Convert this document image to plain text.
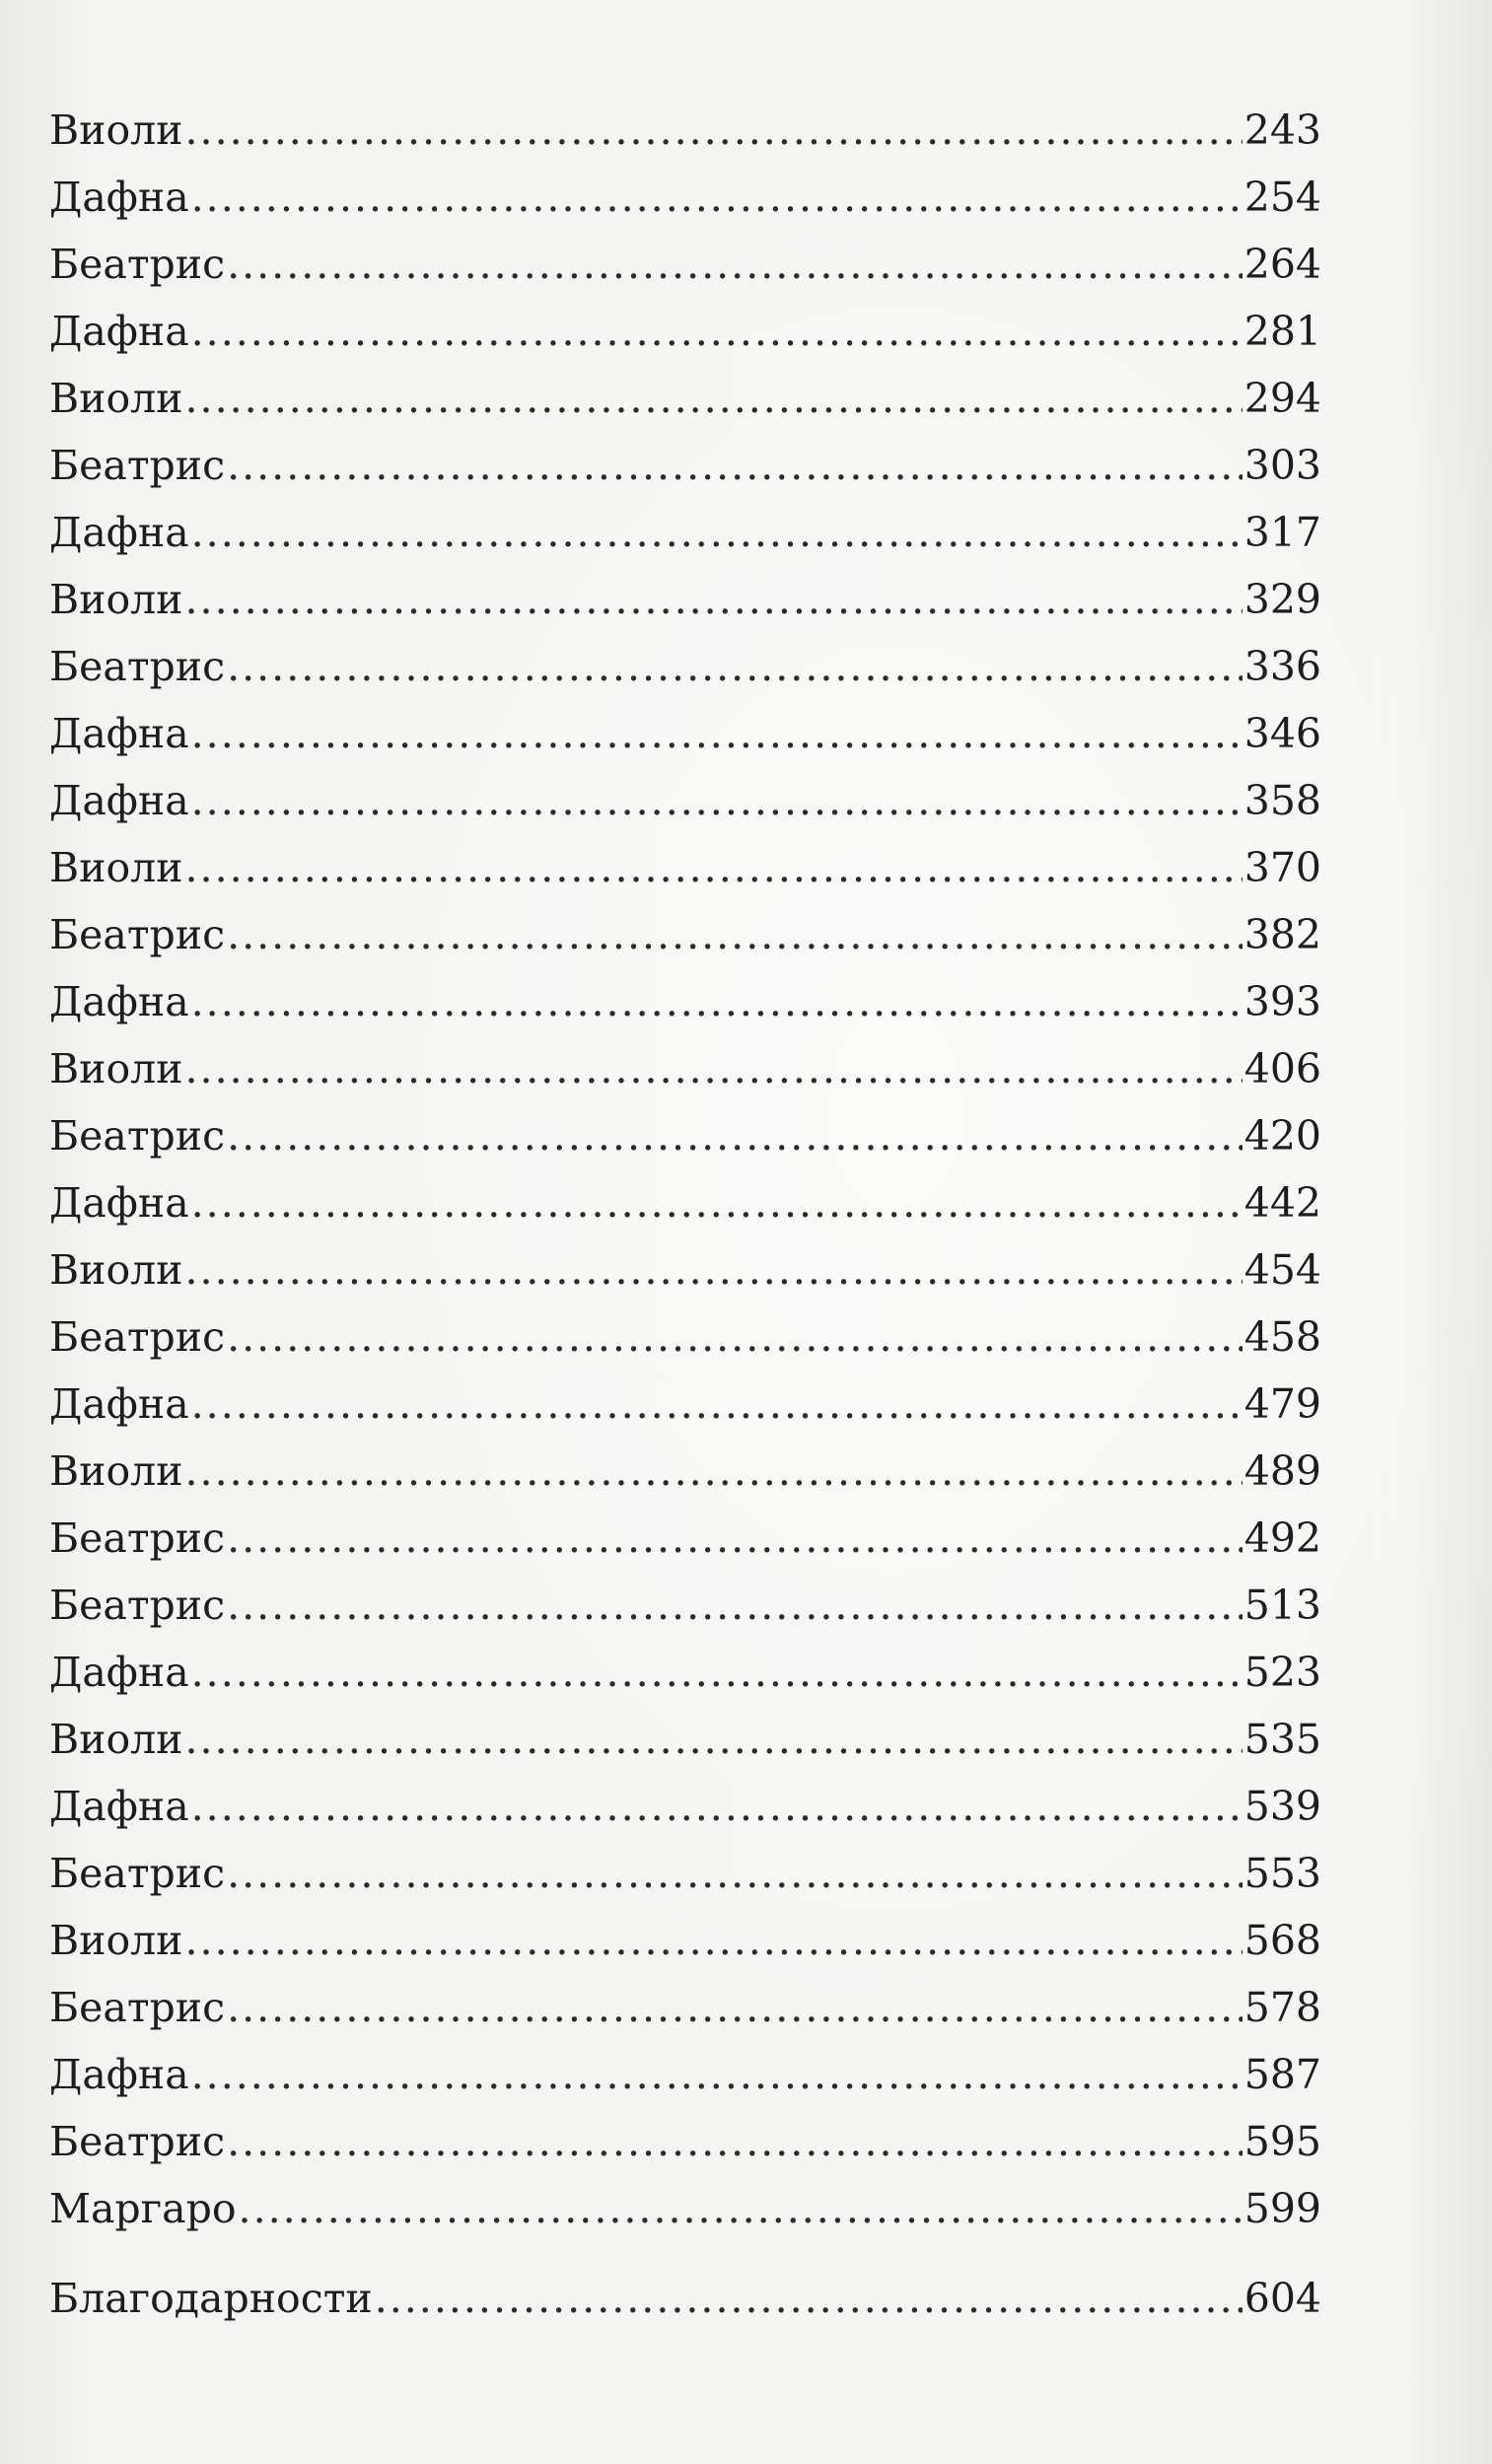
Виоли .....	243
Дафна .....	254
Беатрис .....	264
Дафна .....	281
Виоли .....	294
Беатрис .....	303
Дафна .....	317
Виоли .....	329
Беатрис .....	336
Дафна .....	346
Дафна .....	358
Виоли .....	370
Беатрис .....	382
Дафна .....	393
Виоли .....	406
Беатрис .....	420
Дафна .....	442
Виоли .....	454
Беатрис .....	458
Дафна .....	479
Виоли .....	489
Беатрис .....	492
Беатрис .....	513
Дафна .....	523
Виоли .....	535
Дафна .....	539
Беатрис .....	553
Виоли .....	568
Беатрис .....	578
Дафна .....	587
Беатрис .....	595
Маргаро .....	599
Благодарности .....	604
